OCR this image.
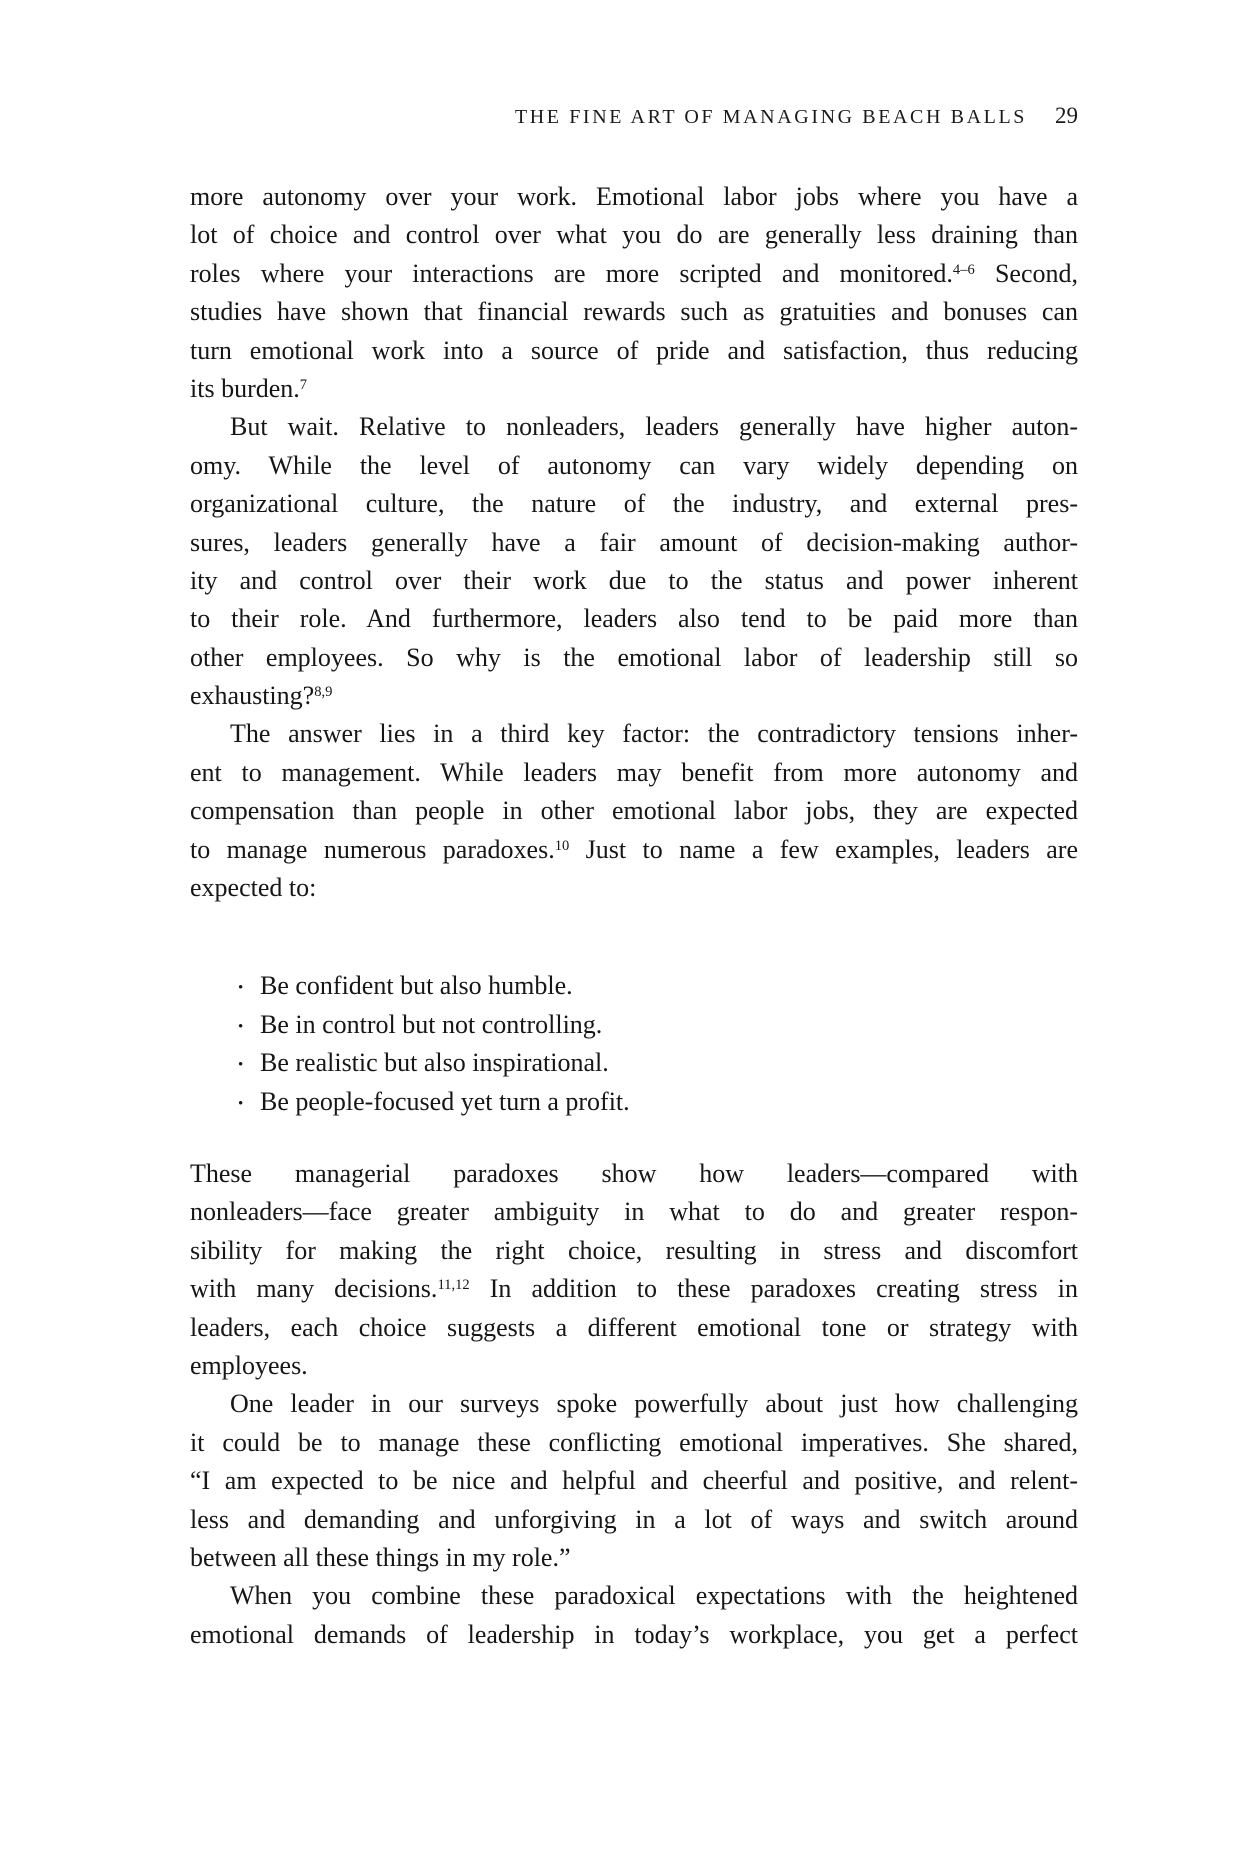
THE FINE ART OF MANAGING BEACH BALLS 29
more autonomy over your work. Emotional labor jobs where you have a
lot of choice and control over what you do are generally less draining than
roles where your interactions are more scripted and monitored.$^{4-6}$ Second,
studies have shown that financial rewards such as gratuities and bonuses can
turn emotional work into a source of pride and satisfaction, thus reducing
its burden.$^7$
But wait. Relative to nonleaders, leaders generally have higher auton-
omy. While the level of autonomy can vary widely depending on
organizational culture, the nature of the industry, and external pres-
sures, leaders generally have a fair amount of decision-making author-
ity and control over their work due to the status and power inherent
to their role. And furthermore, leaders also tend to be paid more than
other employees. So why is the emotional labor of leadership still so
exhausting?$^{8,9}$
The answer lies in a third key factor: the contradictory tensions inher-
ent to management. While leaders may benefit from more autonomy and
compensation than people in other emotional labor jobs, they are expected
to manage numerous paradoxes.$^{10}$ Just to name a few examples, leaders are
expected to:
• Be confident but also humble.
• Be in control but not controlling.
• Be realistic but also inspirational.
• Be people-focused yet turn a profit.
These managerial paradoxes show how leaders—compared with
nonleaders—face greater ambiguity in what to do and greater respon-
sibility for making the right choice, resulting in stress and discomfort
with many decisions.$^{11,12}$ In addition to these paradoxes creating stress in
leaders, each choice suggests a different emotional tone or strategy with
employees.
One leader in our surveys spoke powerfully about just how challenging
it could be to manage these conflicting emotional imperatives. She shared,
“I am expected to be nice and helpful and cheerful and positive, and relent-
less and demanding and unforgiving in a lot of ways and switch around
between all these things in my role.”
When you combine these paradoxical expectations with the heightened
emotional demands of leadership in today’s workplace, you get a perfect
